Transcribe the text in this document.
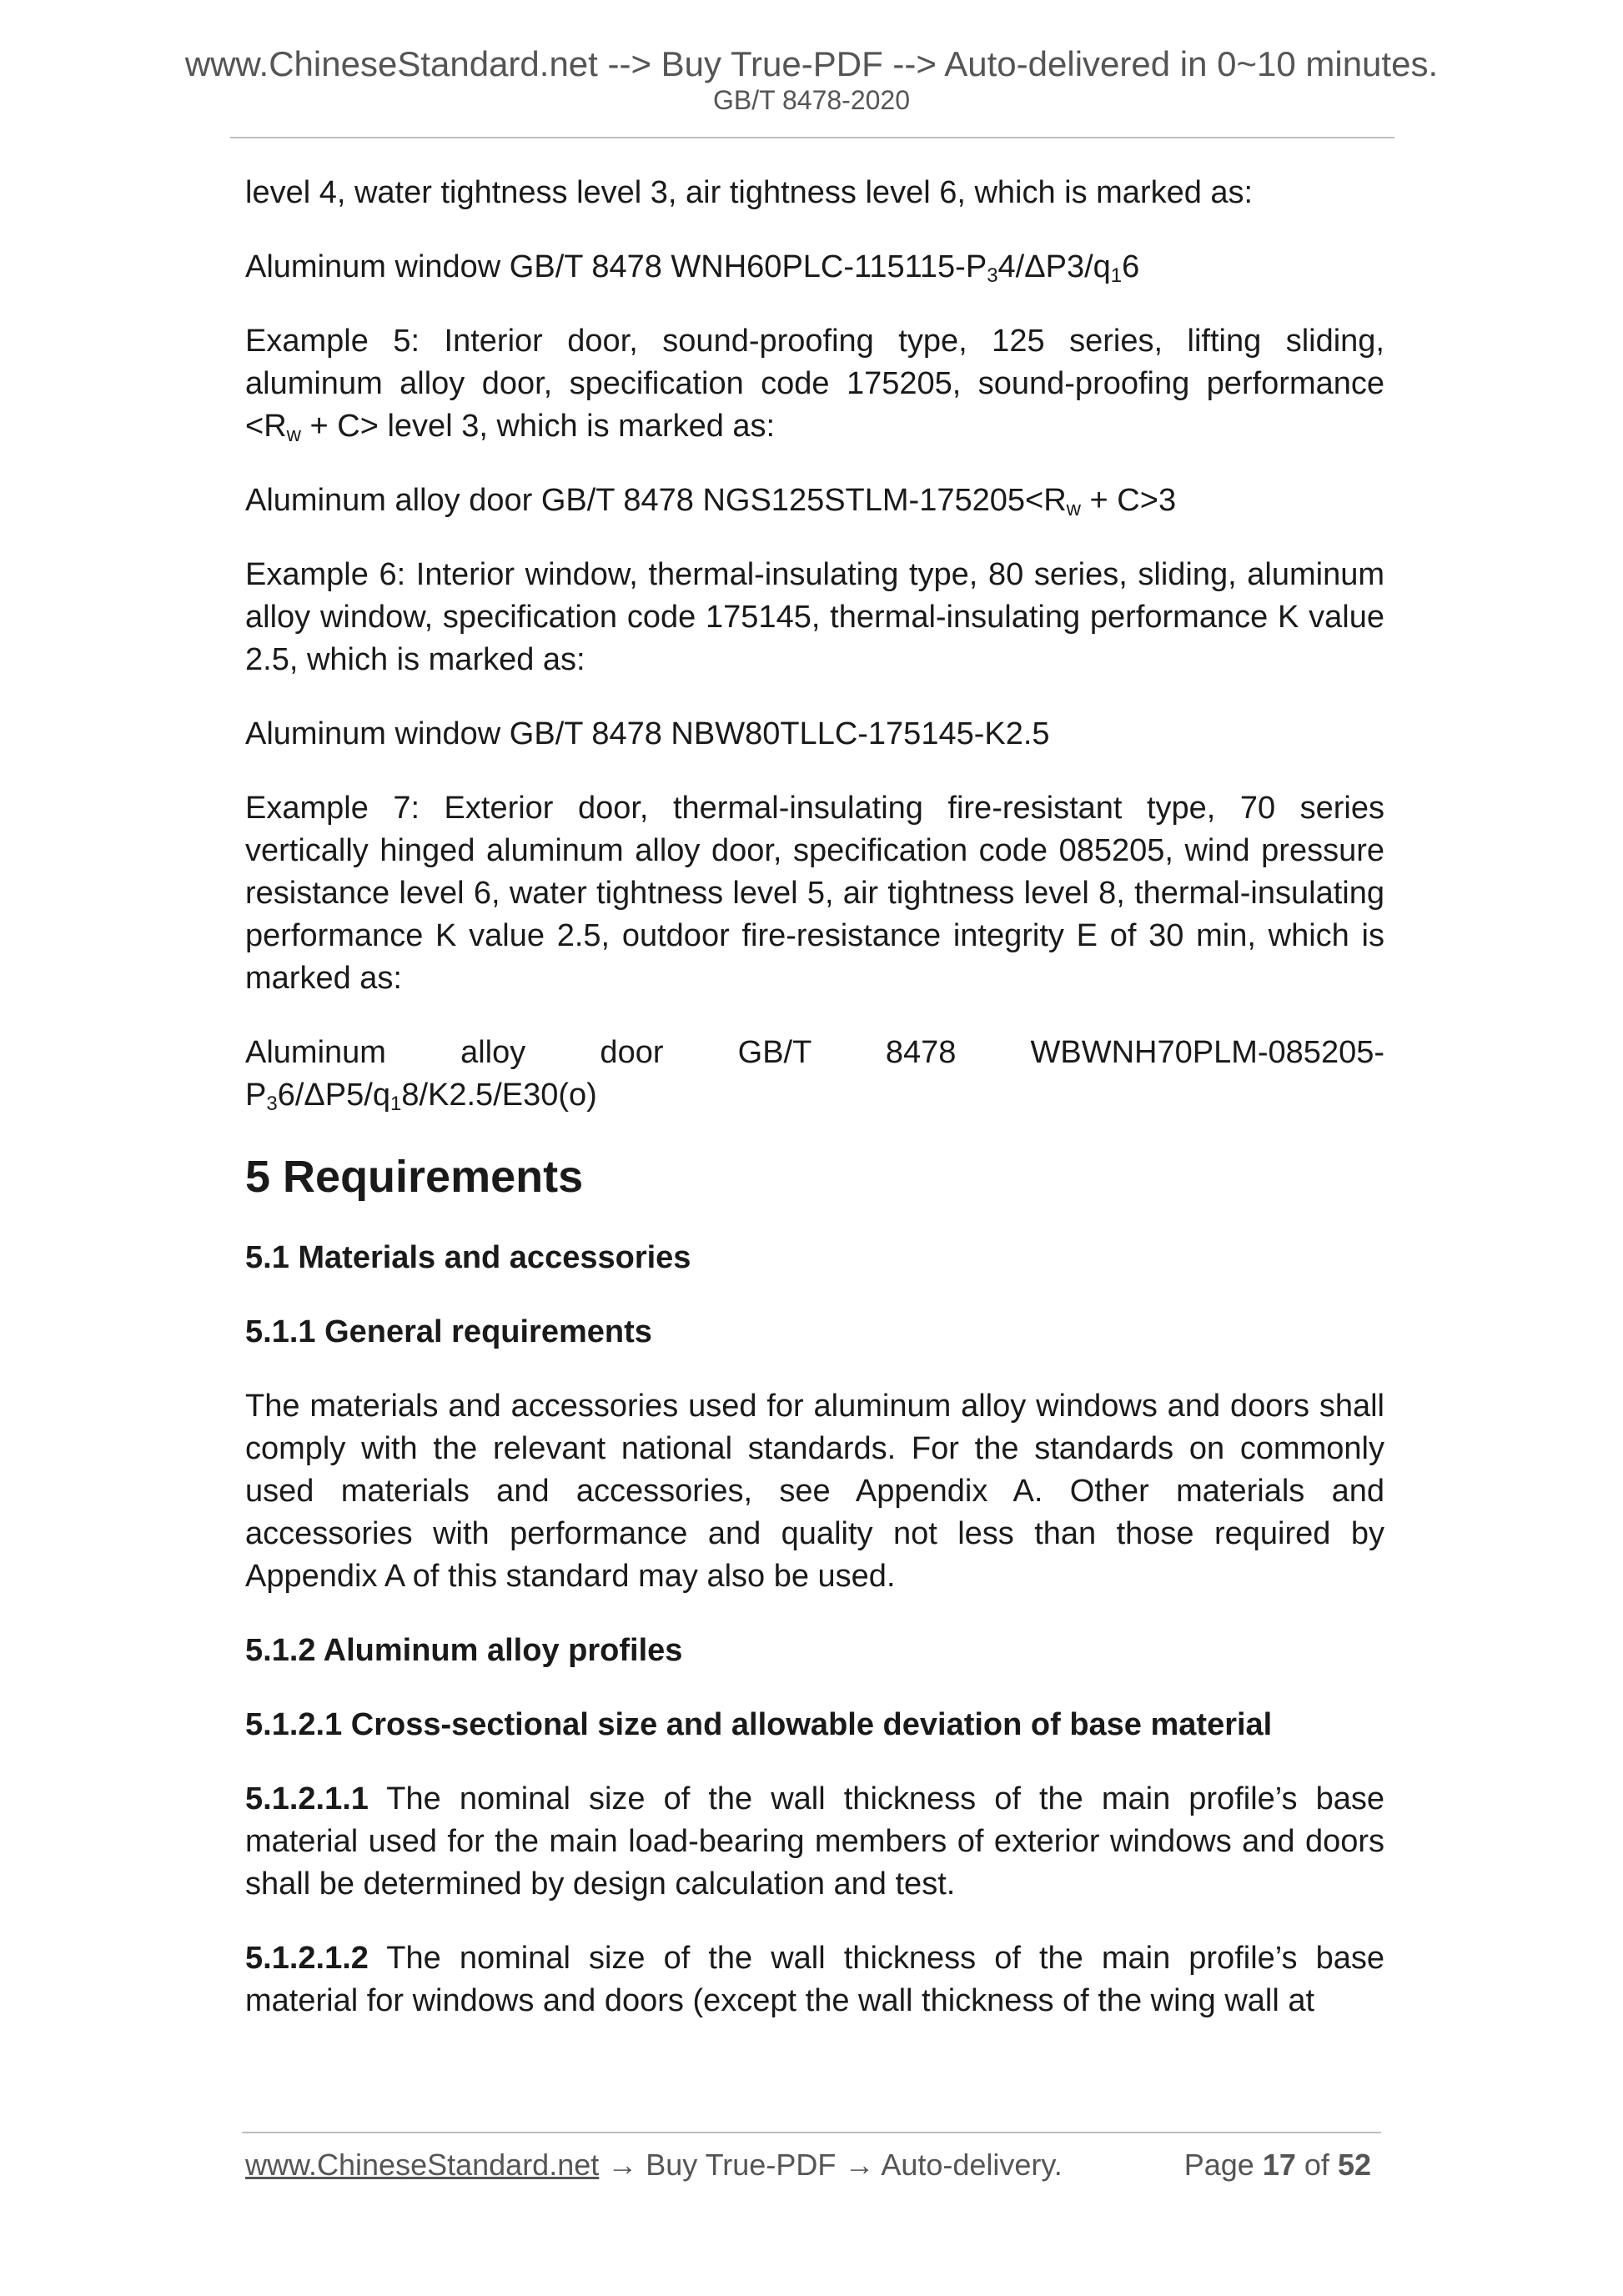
www.ChineseStandard.net --> Buy True-PDF --> Auto-delivered in 0~10 minutes.
GB/T 8478-2020

level 4, water tightness level 3, air tightness level 6, which is marked as:

Aluminum window GB/T 8478 $WNH60PLC-115115-P_34/\Delta P3/q_16$

Example 5: Interior door, sound-proofing type, 125 series, lifting sliding, aluminum alloy door, specification code 175205, sound-proofing performance $<R_w + C>$ level 3, which is marked as:

Aluminum alloy door GB/T 8478 $NGS125STLM-175205<R_w + C>3$

Example 6: Interior window, thermal-insulating type, 80 series, sliding, aluminum alloy window, specification code 175145, thermal-insulating performance K value 2.5, which is marked as:

Aluminum window GB/T 8478 NBW80TLLC-175145-K2.5

Example 7: Exterior door, thermal-insulating fire-resistant type, 70 series vertically hinged aluminum alloy door, specification code 085205, wind pressure resistance level 6, water tightness level 5, air tightness level 8, thermal-insulating performance K value 2.5, outdoor fire-resistance integrity E of 30 min, which is marked as:

Aluminum alloy door GB/T 8478 WBWNH70PLM-085205-

$P_36/\Delta P5/q_18/K2.5/E30(o)$

5 Requirements
5.1 Materials and accessories
5.1.1 General requirements

The materials and accessories used for aluminum alloy windows and doors shall comply with the relevant national standards. For the standards on commonly used materials and accessories, see Appendix A. Other materials and accessories with performance and quality not less than those required by Appendix A of this standard may also be used.

5.1.2 Aluminum alloy profiles
5.1.2.1 Cross-sectional size and allowable deviation of base material

5.1.2.1.1 The nominal size of the wall thickness of the main profile’s base material used for the main load-bearing members of exterior windows and doors shall be determined by design calculation and test.

5.1.2.1.2 The nominal size of the wall thickness of the main profile’s base material for windows and doors (except the wall thickness of the wing wall at

www.ChineseStandard.net → Buy True-PDF → Auto-delivery.	Page 17 of 52
